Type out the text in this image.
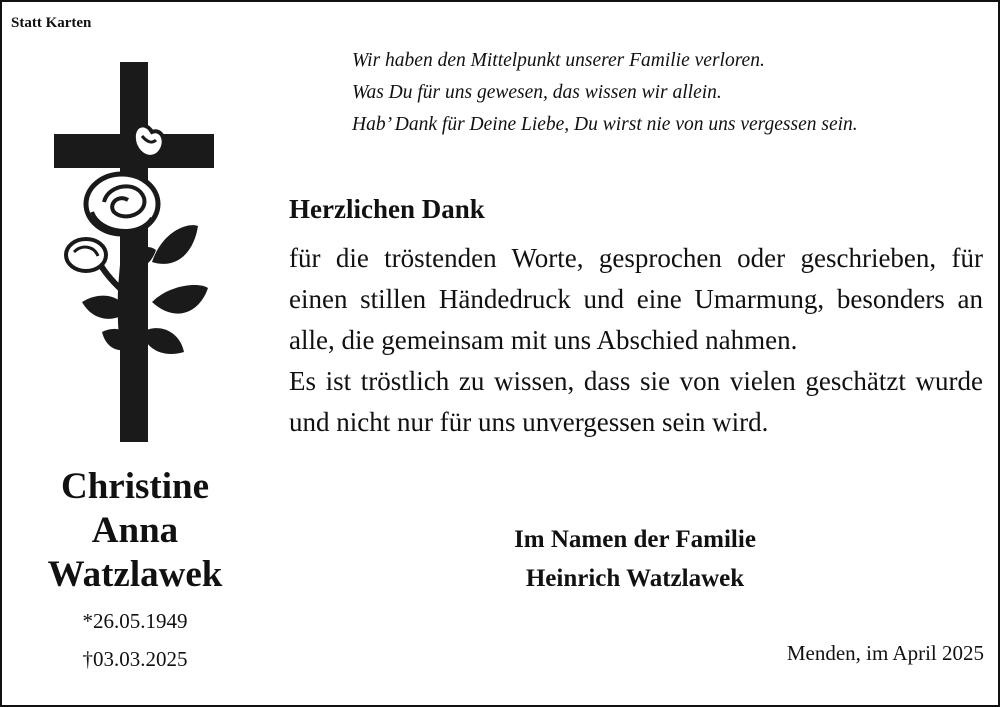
Statt Karten
Wir haben den Mittelpunkt unserer Familie verloren.
Was Du für uns gewesen, das wissen wir allein.
Hab’ Dank für Deine Liebe, Du wirst nie von uns vergessen sein.
Christine
Anna
Watzlawek
*26.05.1949
†03.03.2025
Herzlichen Dank

für die tröstenden Worte, gesprochen oder geschrieben, für einen stillen Händedruck und eine Umarmung, besonders an alle, die gemeinsam mit uns Abschied nahmen.

Es ist tröstlich zu wissen, dass sie von vielen geschätzt wurde und nicht nur für uns unvergessen sein wird.

Im Namen der Familie
Heinrich Watzlawek
Menden, im April 2025
